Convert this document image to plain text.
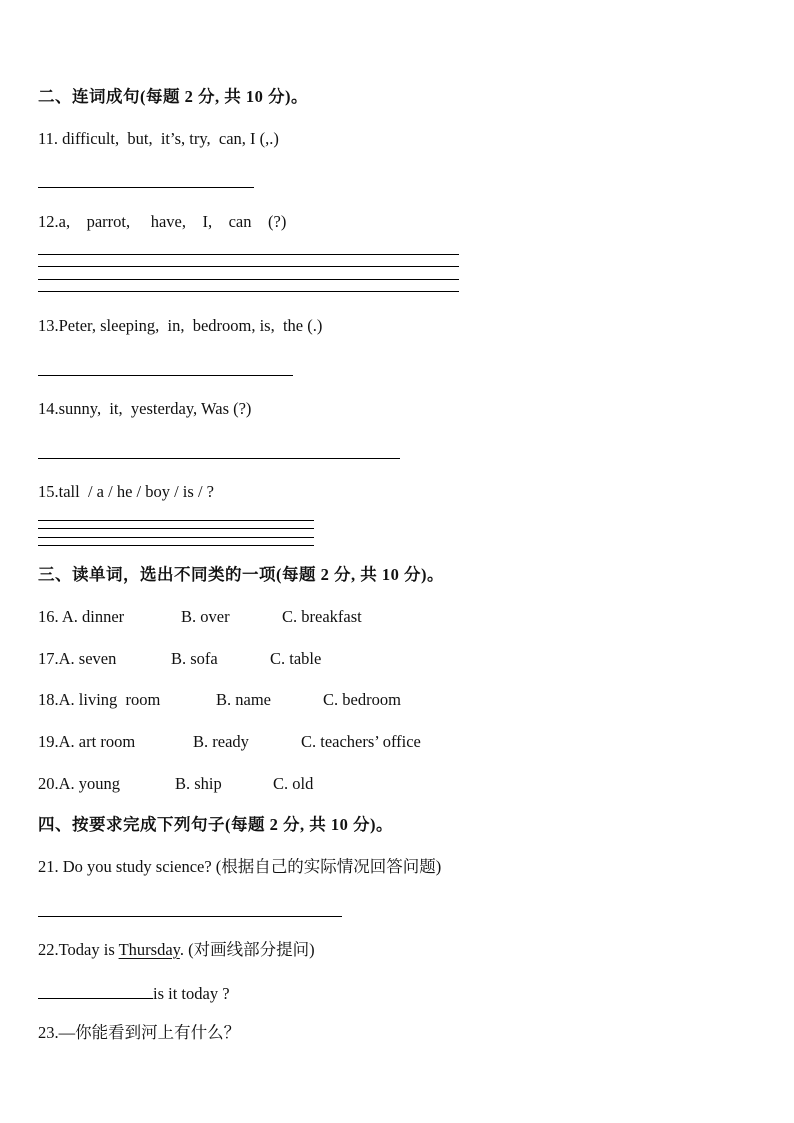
二、连词成句(每题 2 分, 共 10 分)。
11. difficult,  but,  it’s, try,  can, I (,.)
12.a,    parrot,     have,    I,    can    (?)
13.Peter, sleeping,  in,  bedroom, is,  the (.)
14.sunny,  it,  yesterday, Was (?)
15.tall  / a / he / boy / is / ?
三、读单词，选出不同类的一项(每题 2 分, 共 10 分)。
16. A. dinner	B. over	C. breakfast
17.A. seven	B. sofa	C. table
18.A. living  room	B. name	C. bedroom
19.A. art room	B. ready	C. teachers’ office
20.A. young	B. ship	C. old
四、按要求完成下列句子(每题 2 分, 共 10 分)。
21. Do you study science? (根据自己的实际情况回答问题)
22.Today is Thursday. (对画线部分提问)
is it today ?
23.—你能看到河上有什么？
